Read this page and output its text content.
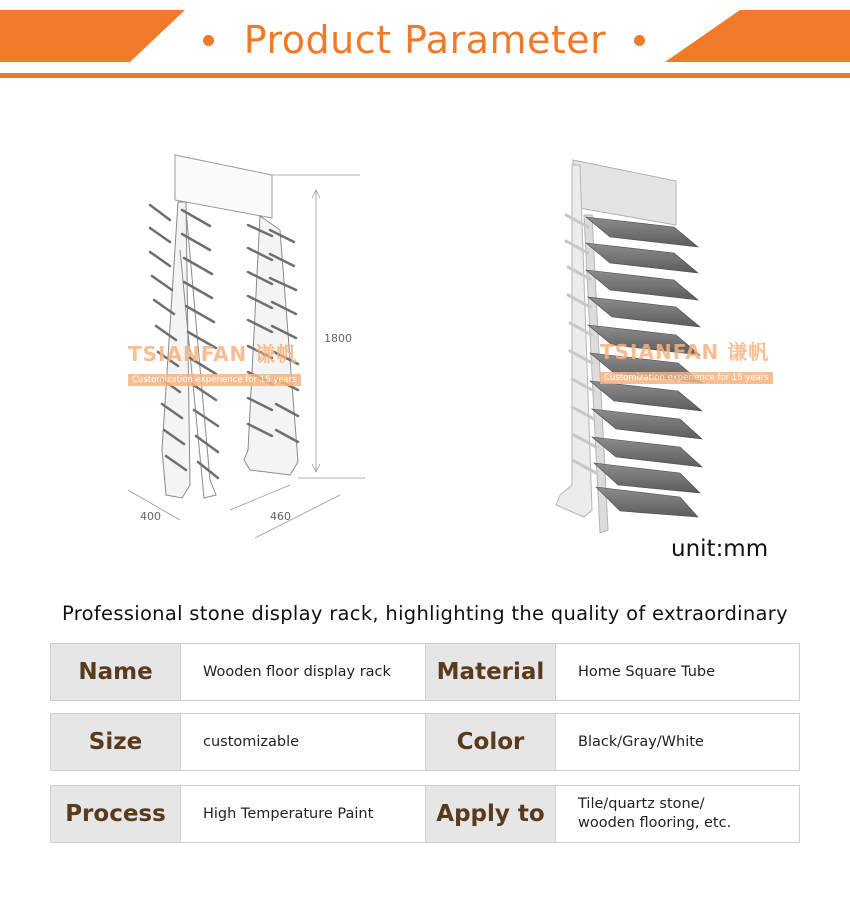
Product Parameter
1800
400	460
TSIANFAN 谦帆
Customization experience for 15 years
TSIANFAN 谦帆
Customization experience for 15 years
unit:mm
Professional stone display rack, highlighting the quality of extraordinary
Name	Wooden floor display rack	Material	Home Square Tube
Size	customizable	Color	Black/Gray/White
Process	High Temperature Paint	Apply to	Tile/quartz stone/
wooden flooring, etc.
